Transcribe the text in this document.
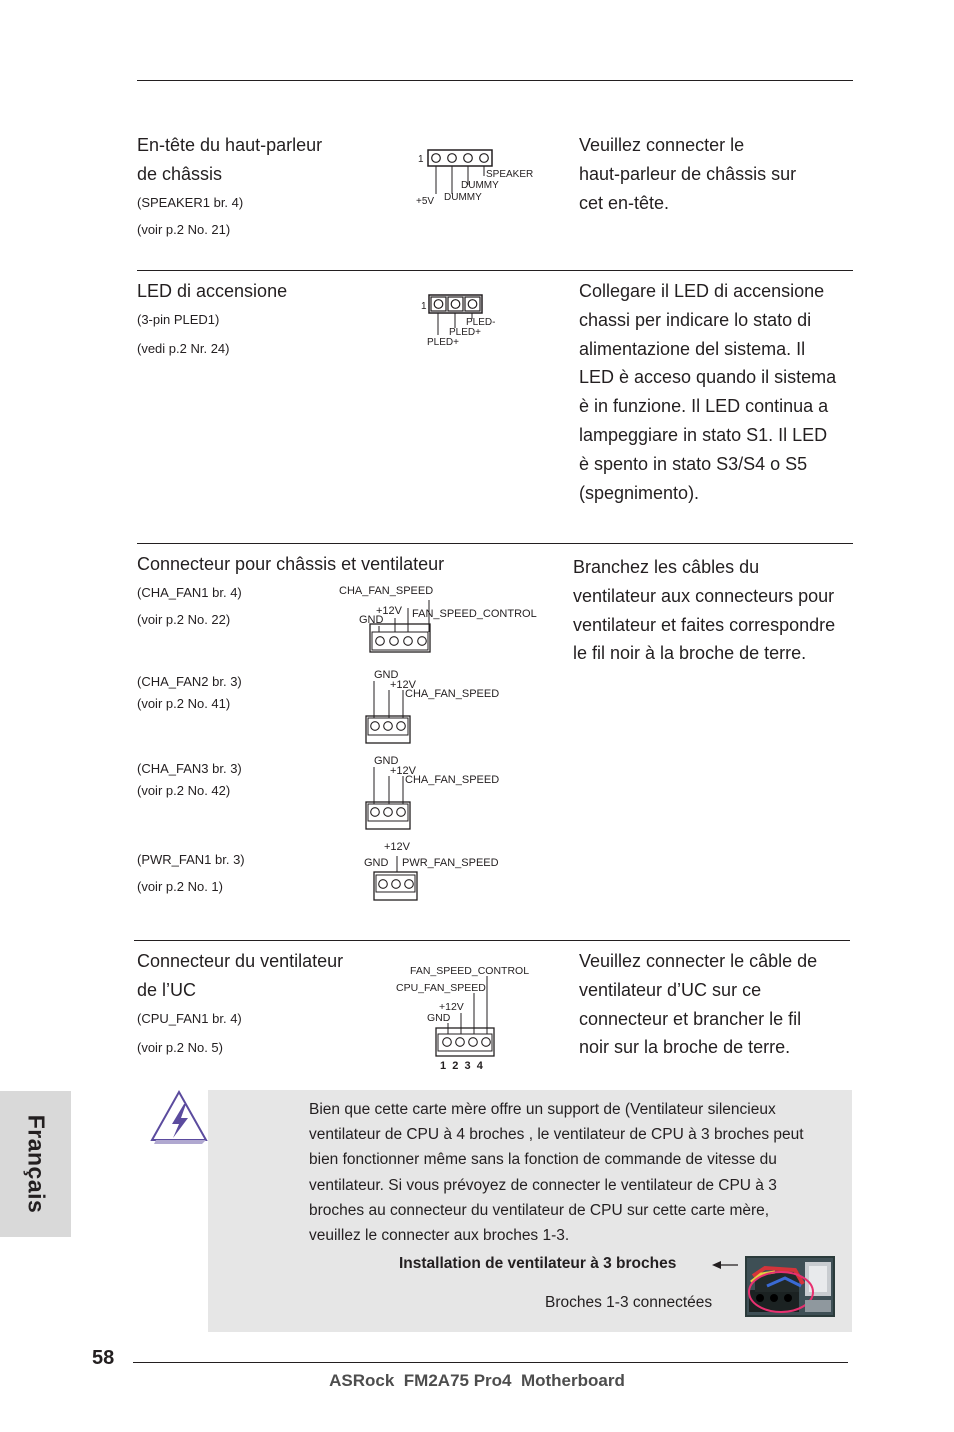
En-tête du haut-parleur
de châssis
(SPEAKER1 br. 4)
(voir p.2 No. 21)
1
SPEAKER
DUMMY
+5V DUMMY
Veuillez connecter le
haut-parleur de châssis sur
cet en-tête.
LED di accensione
(3-pin PLED1)
(vedi p.2 Nr. 24)
1
PLED-
PLED+
PLED+
Collegare il LED di accensione
chassi per indicare lo stato di
alimentazione del sistema. Il
LED è acceso quando il sistema
è in funzione. Il LED continua a
lampeggiare in stato S1. Il LED
è spento in stato S3/S4 o S5
(spegnimento).
Connecteur pour châssis et ventilateur
(CHA_FAN1 br. 4)
(voir p.2 No. 22)
CHA_FAN_SPEED
+12V
GND	FAN_SPEED_CONTROL
Branchez les câbles du
ventilateur aux connecteurs pour
ventilateur et faites correspondre
le fil noir à la broche de terre.
(CHA_FAN2 br. 3)
(voir p.2 No. 41)
GND
+12V
CHA_FAN_SPEED
(CHA_FAN3 br. 3)
(voir p.2 No. 42)
GND
+12V
CHA_FAN_SPEED
(PWR_FAN1 br. 3)
(voir p.2 No. 1)
+12V
GND PWR_FAN_SPEED
Connecteur du ventilateur
de l’UC
(CPU_FAN1 br. 4)
(voir p.2 No. 5)
FAN_SPEED_CONTROL
CPU_FAN_SPEED
+12V
GND
1  2  3  4
Veuillez connecter le câble de
ventilateur d’UC sur ce
connecteur et brancher le fil
noir sur la broche de terre.
Bien que cette carte mère offre un support de (Ventilateur silencieux
ventilateur de CPU à 4 broches , le ventilateur de CPU à 3 broches peut
bien fonctionner même sans la fonction de commande de vitesse du
ventilateur. Si vous prévoyez de connecter le ventilateur de CPU à 3
broches au connecteur du ventilateur de CPU sur cette carte mère,
veuillez le connecter aux broches 1-3.
Installation de ventilateur à 3 broches
Broches 1-3 connectées
Français
58
ASRock  FM2A75 Pro4  Motherboard
